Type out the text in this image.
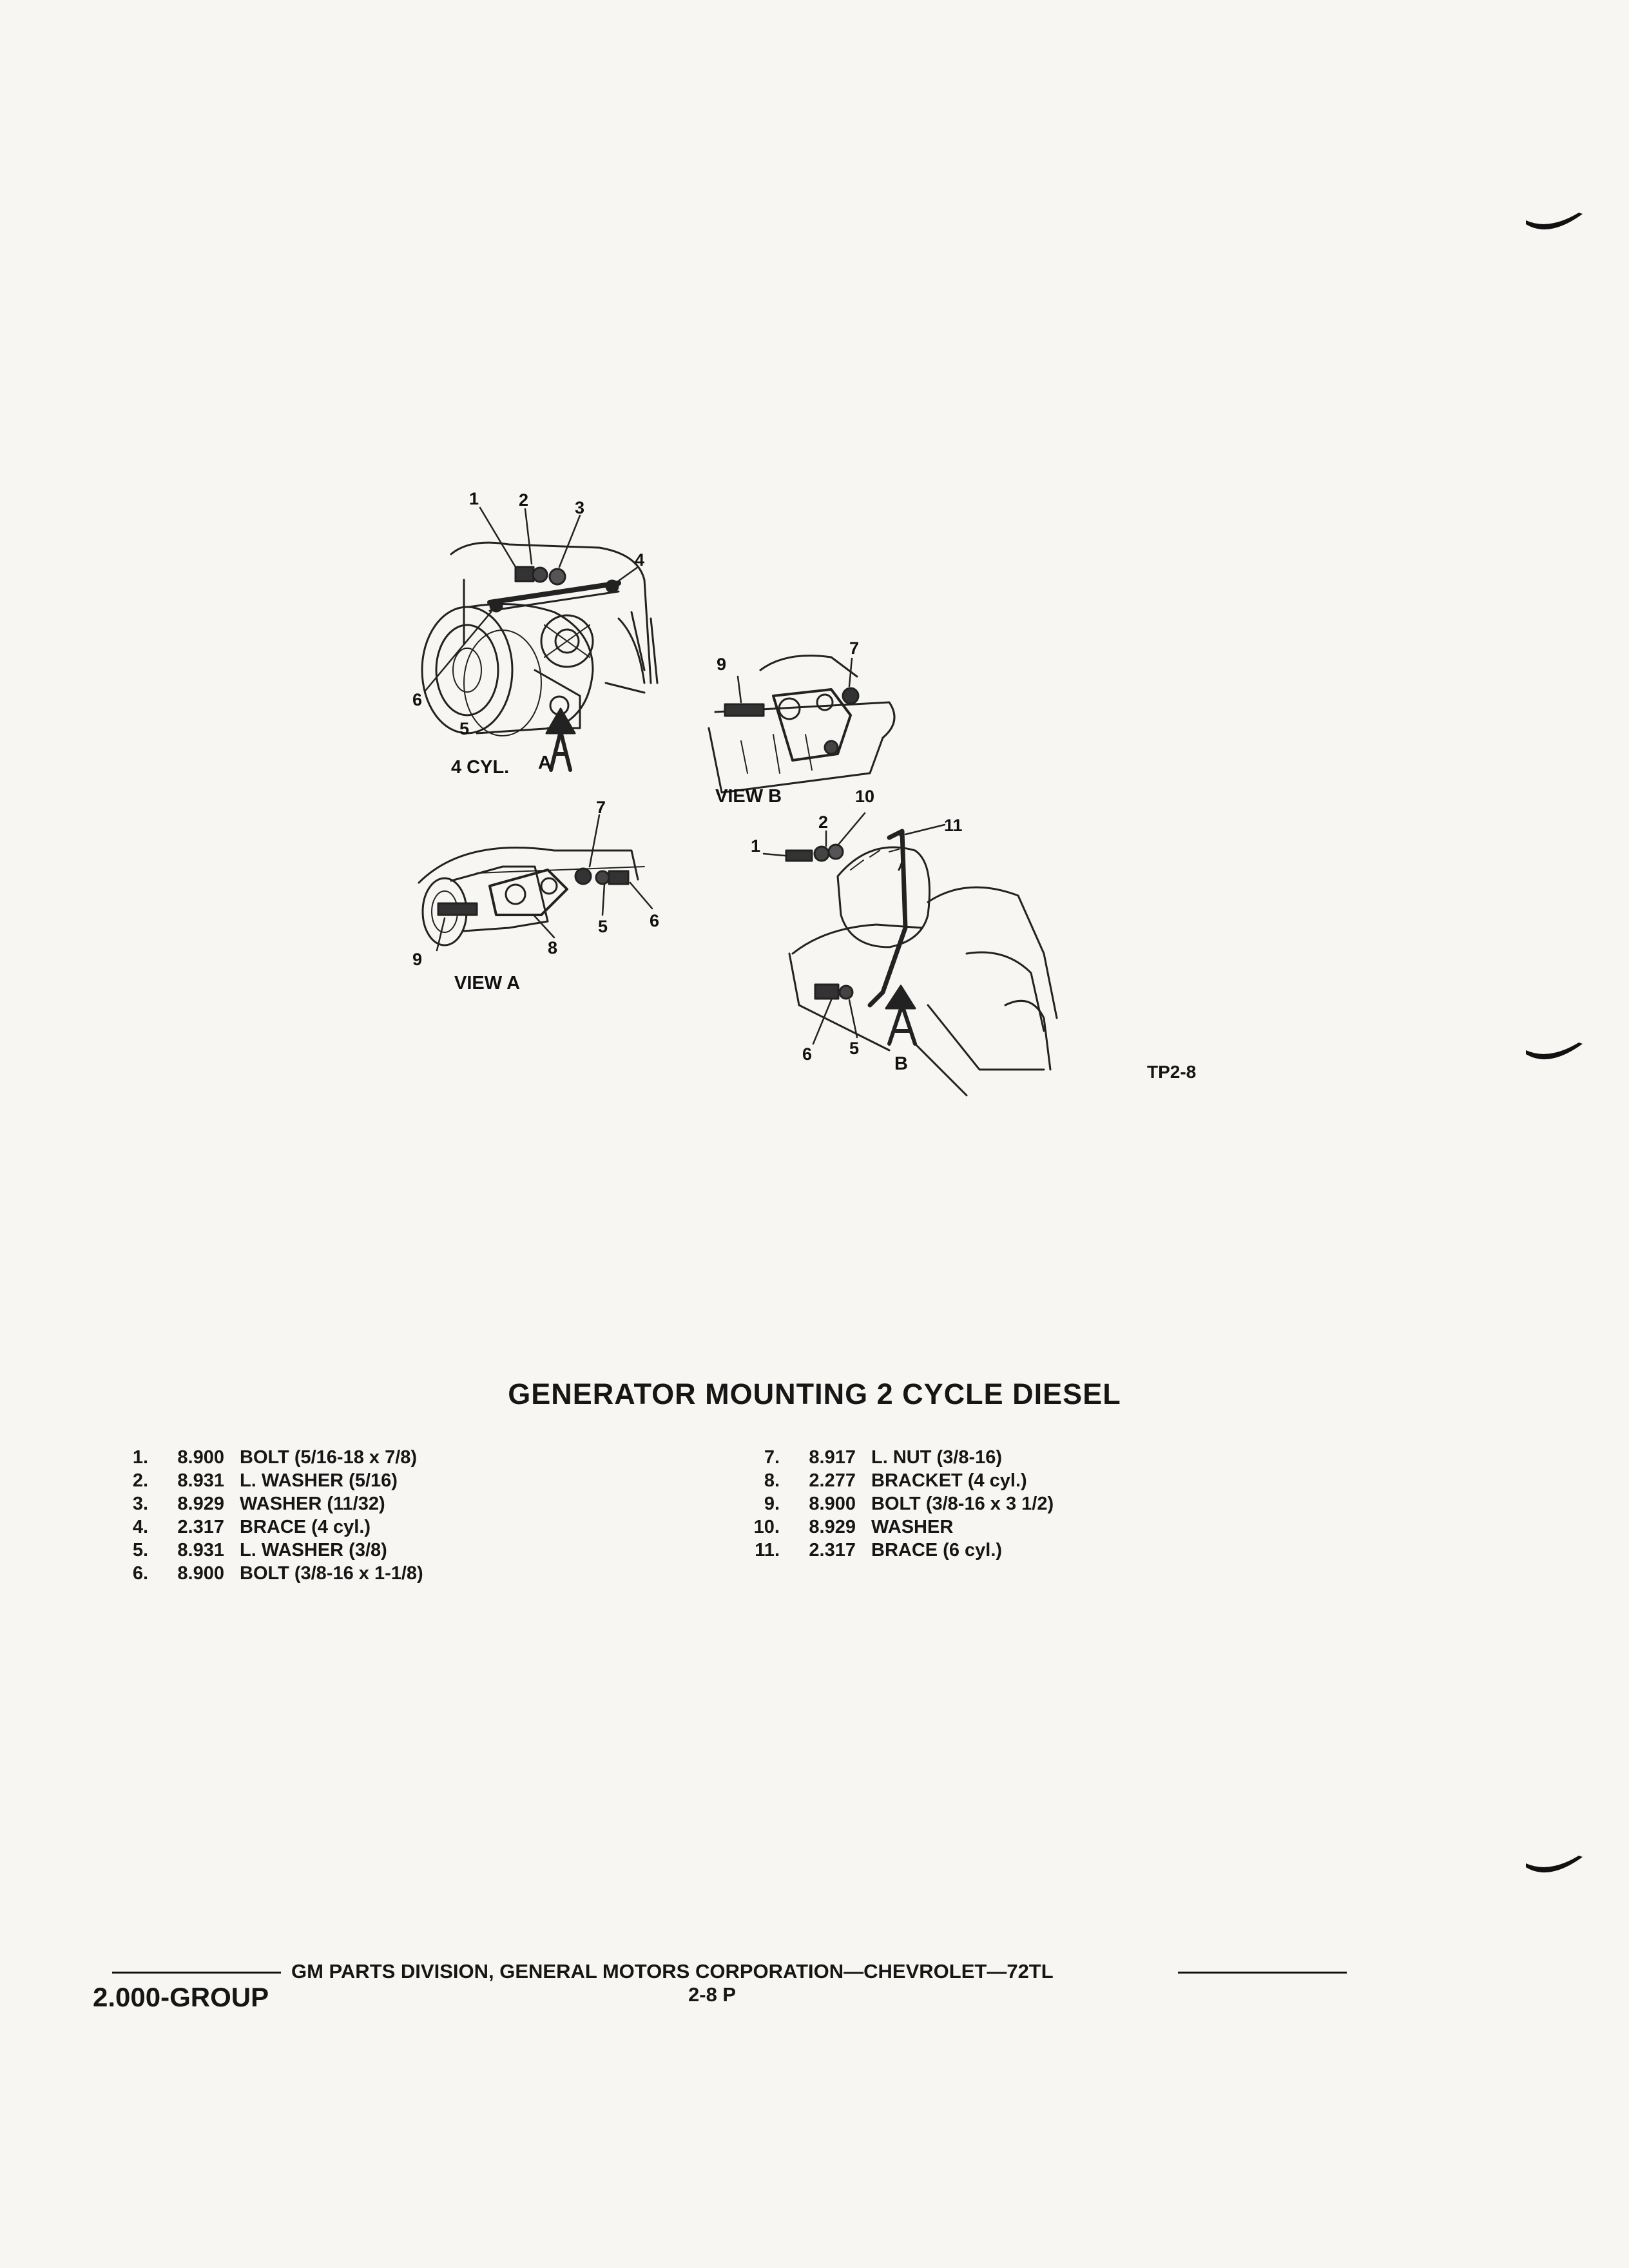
1 2	3
4
6
5
9
7
10
11
2
1
7
6
5
8
9
6 5
4 CYL. A
VIEW A
VIEW B
B	TP2-8
GENERATOR MOUNTING 2 CYCLE DIESEL
1.	8.900 BOLT (5/16-18 x 7/8)
2.	8.931 L. WASHER (5/16)
3.	8.929 WASHER (11/32)
4.	2.317 BRACE (4 cyl.)
5.	8.931 L. WASHER (3/8)
6.	8.900 BOLT (3/8-16 x 1-1/8)
7.	8.917 L. NUT (3/8-16)
8.	2.277 BRACKET (4 cyl.)
9.	8.900 BOLT (3/8-16 x 3 1/2)
10.	8.929 WASHER
11.	2.317 BRACE (6 cyl.)
GM PARTS DIVISION, GENERAL MOTORS CORPORATION—CHEVROLET—72TL
2.000-GROUP	2-8 P
